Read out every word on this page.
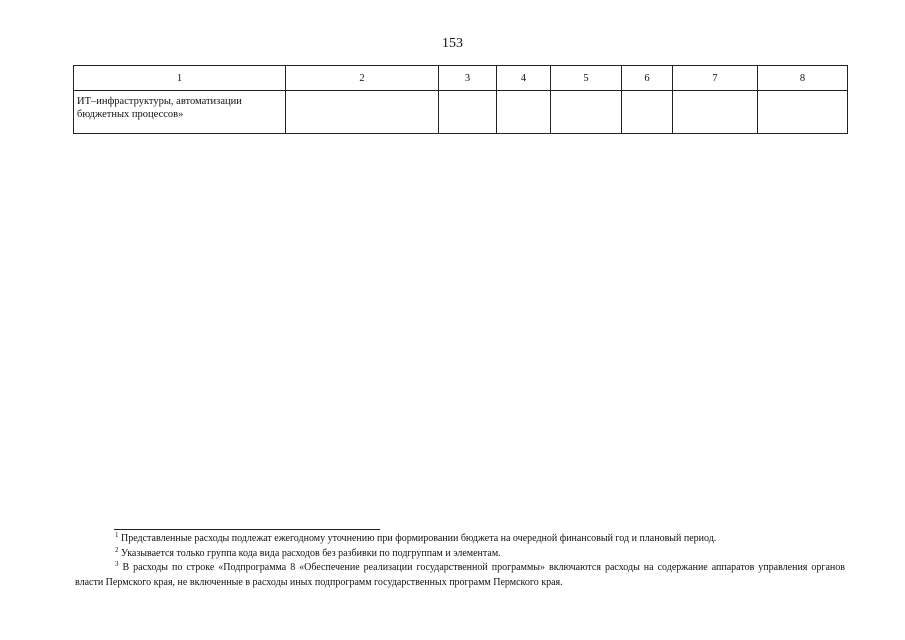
153
1	2	3	4	5	6	7	8
ИТ–инфраструктуры, автоматизации бюджетных процессов»							

$^1$ Представленные расходы подлежат ежегодному уточнению при формировании бюджета на очередной финансовый год и плановый период.

$^2$ Указывается только группа кода вида расходов без разбивки по подгруппам и элементам.

$^3$ В расходы по строке «Подпрограмма 8 «Обеспечение реализации государственной программы» включаются расходы на содержание аппаратов управления органов власти Пермского края, не включенные в расходы иных подпрограмм государственных программ Пермского края.
